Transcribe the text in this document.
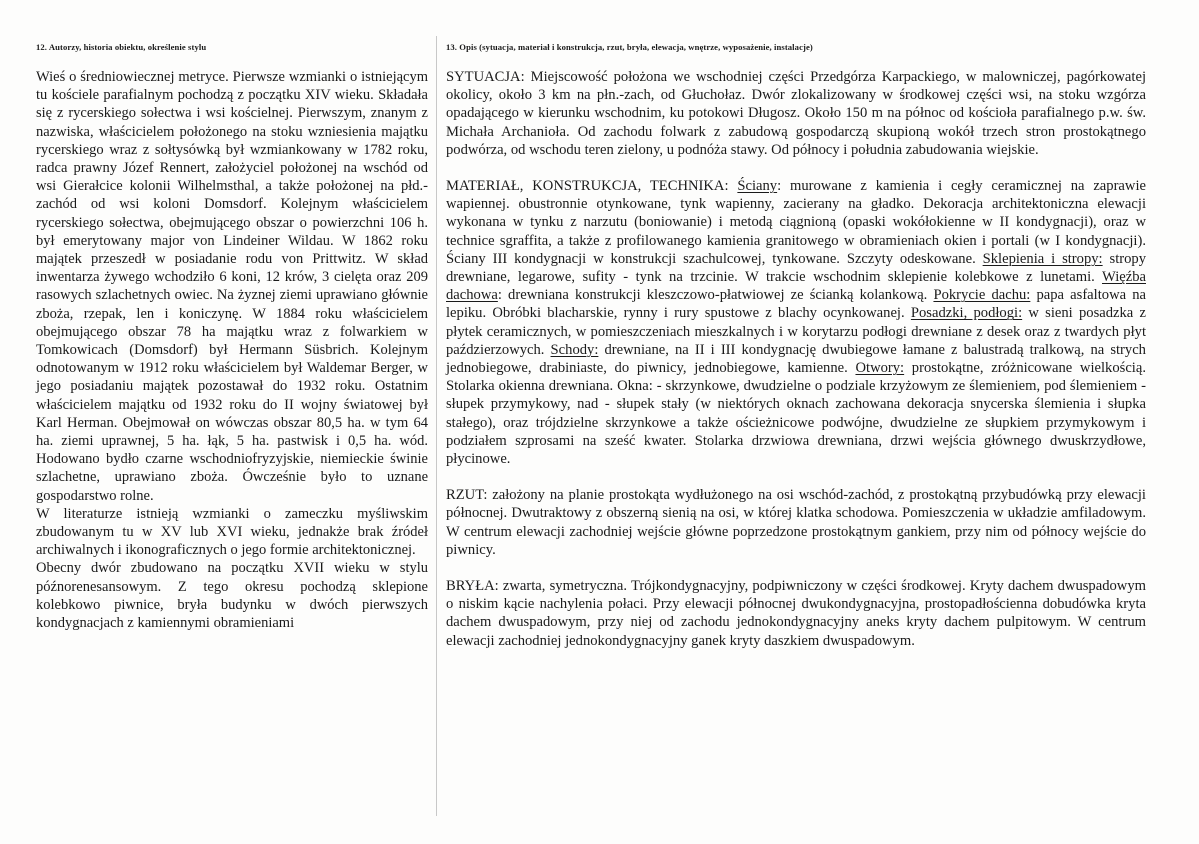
12. Autorzy, historia obiektu, określenie stylu

Wieś o średniowiecznej metryce. Pierwsze wzmianki o istniejącym tu kościele parafialnym pochodzą z początku XIV wieku. Składała się z rycerskiego sołectwa i wsi kościelnej. Pierwszym, znanym z nazwiska, właścicielem położonego na stoku wzniesienia majątku rycerskiego wraz z sołtysówką był wzmiankowany w 1782 roku, radca prawny Józef Rennert, założyciel położonej na wschód od wsi Gierałcice kolonii Wilhelmsthal, a także położonej na płd.-zachód od wsi koloni Domsdorf. Kolejnym właścicielem rycerskiego sołectwa, obejmującego obszar o powierzchni 106 h. był emerytowany major von Lindeiner Wildau. W 1862 roku majątek przeszedł w posiadanie rodu von Prittwitz. W skład inwentarza żywego wchodziło 6 koni, 12 krów, 3 cielęta oraz 209 rasowych szlachetnych owiec. Na żyznej ziemi uprawiano głównie zboża, rzepak, len i koniczynę. W 1884 roku właścicielem obejmującego obszar 78 ha majątku wraz z folwarkiem w Tomkowicach (Domsdorf) był Hermann Süsbrich. Kolejnym odnotowanym w 1912 roku właścicielem był Waldemar Berger, w jego posiadaniu majątek pozostawał do 1932 roku. Ostatnim właścicielem majątku od 1932 roku do II wojny światowej był Karl Herman. Obejmował on wówczas obszar 80,5 ha. w tym 64 ha. ziemi uprawnej, 5 ha. łąk, 5 ha. pastwisk i 0,5 ha. wód. Hodowano bydło czarne wschodniofryzyjskie, niemieckie świnie szlachetne, uprawiano zboża. Ówcześnie było to uznane gospodarstwo rolne.

W literaturze istnieją wzmianki o zameczku myśliwskim zbudowanym tu w XV lub XVI wieku, jednakże brak źródeł archiwalnych i ikonograficznych o jego formie architektonicznej.

Obecny dwór zbudowano na początku XVII wieku w stylu późnorenesansowym. Z tego okresu pochodzą sklepione kolebkowo piwnice, bryła budynku w dwóch pierwszych kondygnacjach z kamiennymi obramieniami

13. Opis (sytuacja, materiał i konstrukcja, rzut, bryła, elewacja, wnętrze, wyposażenie, instalacje)

SYTUACJA: Miejscowość położona we wschodniej części Przedgórza Karpackiego, w malowniczej, pagórkowatej okolicy, około 3 km na płn.-zach, od Głuchołaz. Dwór zlokalizowany w środkowej części wsi, na stoku wzgórza opadającego w kierunku wschodnim, ku potokowi Długosz. Około 150 m na północ od kościoła parafialnego p.w. św. Michała Archanioła. Od zachodu folwark z zabudową gospodarczą skupioną wokół trzech stron prostokątnego podwórza, od wschodu teren zielony, u podnóża stawy. Od północy i południa zabudowania wiejskie.

MATERIAŁ, KONSTRUKCJA, TECHNIKA: Ściany: murowane z kamienia i cegły ceramicznej na zaprawie wapiennej. obustronnie otynkowane, tynk wapienny, zacierany na gładko. Dekoracja architektoniczna elewacji wykonana w tynku z narzutu (boniowanie) i metodą ciągnioną (opaski wokółokienne w II kondygnacji), oraz w technice sgraffita, a także z profilowanego kamienia granitowego w obramieniach okien i portali (w I kondygnacji). Ściany III kondygnacji w konstrukcji szachulcowej, tynkowane. Szczyty odeskowane. Sklepienia i stropy: stropy drewniane, legarowe, sufity - tynk na trzcinie. W trakcie wschodnim sklepienie kolebkowe z lunetami. Więźba dachowa: drewniana konstrukcji kleszczowo-płatwiowej ze ścianką kolankową. Pokrycie dachu: papa asfaltowa na lepiku. Obróbki blacharskie, rynny i rury spustowe z blachy ocynkowanej. Posadzki, podłogi: w sieni posadzka z płytek ceramicznych, w pomieszczeniach mieszkalnych i w korytarzu podłogi drewniane z desek oraz z twardych płyt paździerzowych. Schody: drewniane, na II i III kondygnację dwubiegowe łamane z balustradą tralkową, na strych jednobiegowe, drabiniaste, do piwnicy, jednobiegowe, kamienne. Otwory: prostokątne, zróżnicowane wielkością. Stolarka okienna drewniana. Okna: - skrzynkowe, dwudzielne o podziale krzyżowym ze ślemieniem, pod ślemieniem - słupek przymykowy, nad - słupek stały (w niektórych oknach zachowana dekoracja snycerska ślemienia i słupka stałego), oraz trójdzielne skrzynkowe a także ościeżnicowe podwójne, dwudzielne ze słupkiem przymykowym i podziałem szprosami na sześć kwater. Stolarka drzwiowa drewniana, drzwi wejścia głównego dwuskrzydłowe, płycinowe.

RZUT: założony na planie prostokąta wydłużonego na osi wschód-zachód, z prostokątną przybudówką przy elewacji północnej. Dwutraktowy z obszerną sienią na osi, w której klatka schodowa. Pomieszczenia w układzie amfiladowym. W centrum elewacji zachodniej wejście główne poprzedzone prostokątnym gankiem, przy nim od północy wejście do piwnicy.

BRYŁA: zwarta, symetryczna. Trójkondygnacyjny, podpiwniczony w części środkowej. Kryty dachem dwuspadowym o niskim kącie nachylenia połaci. Przy elewacji północnej dwukondygnacyjna, prostopadłościenna dobudówka kryta dachem dwuspadowym, przy niej od zachodu jednokondygnacyjny aneks kryty dachem pulpitowym. W centrum elewacji zachodniej jednokondygnacyjny ganek kryty daszkiem dwuspadowym.
